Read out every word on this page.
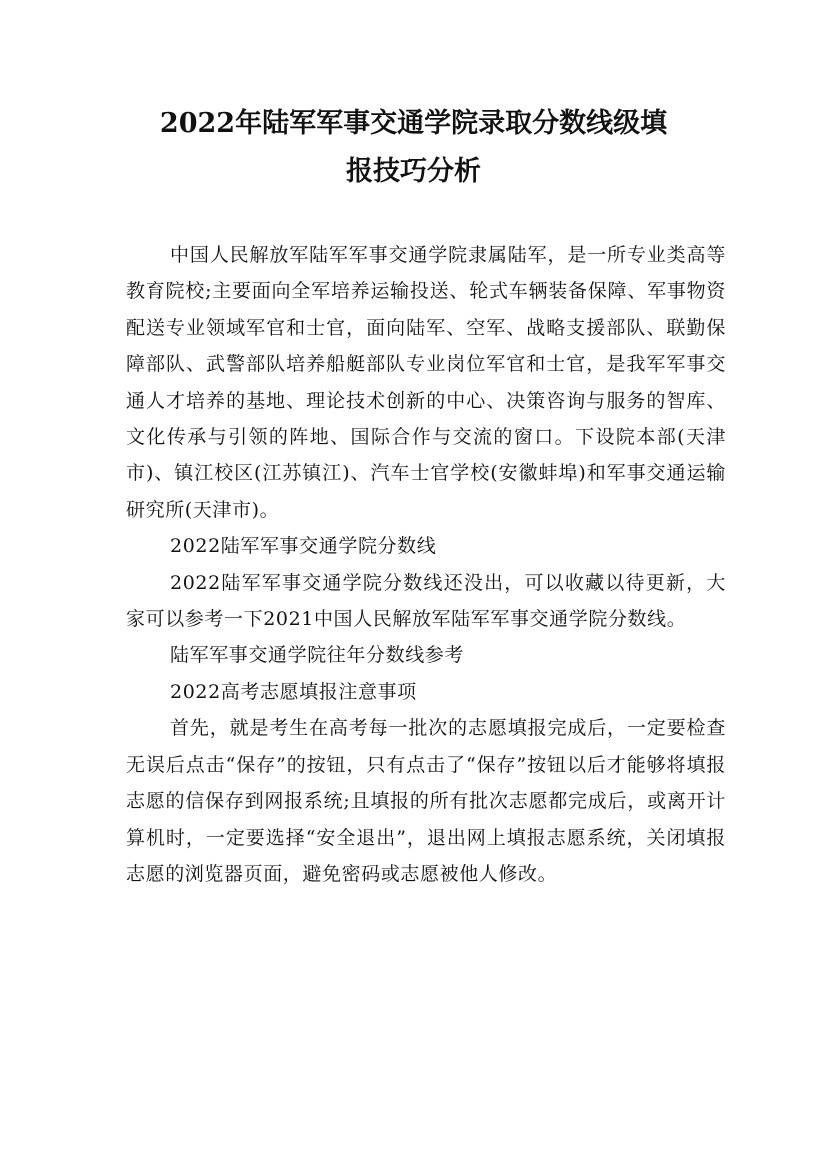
2022年陆军军事交通学院录取分数线级填
报技巧分析

中国人民解放军陆军军事交通学院隶属陆军，是一所专业类高等教育院校;主要面向全军培养运输投送、轮式车辆装备保障、军事物资配送专业领域军官和士官，面向陆军、空军、战略支援部队、联勤保障部队、武警部队培养船艇部队专业岗位军官和士官，是我军军事交通人才培养的基地、理论技术创新的中心、决策咨询与服务的智库、文化传承与引领的阵地、国际合作与交流的窗口。下设院本部(天津市)、镇江校区(江苏镇江)、汽车士官学校(安徽蚌埠)和军事交通运输研究所(天津市)。

2022陆军军事交通学院分数线

2022陆军军事交通学院分数线还没出，可以收藏以待更新，大家可以参考一下2021中国人民解放军陆军军事交通学院分数线。

陆军军事交通学院往年分数线参考

2022高考志愿填报注意事项

首先，就是考生在高考每一批次的志愿填报完成后，一定要检查无误后点击“保存”的按钮，只有点击了“保存”按钮以后才能够将填报志愿的信保存到网报系统;且填报的所有批次志愿都完成后，或离开计算机时，一定要选择“安全退出”，退出网上填报志愿系统，关闭填报志愿的浏览器页面，避免密码或志愿被他人修改。
